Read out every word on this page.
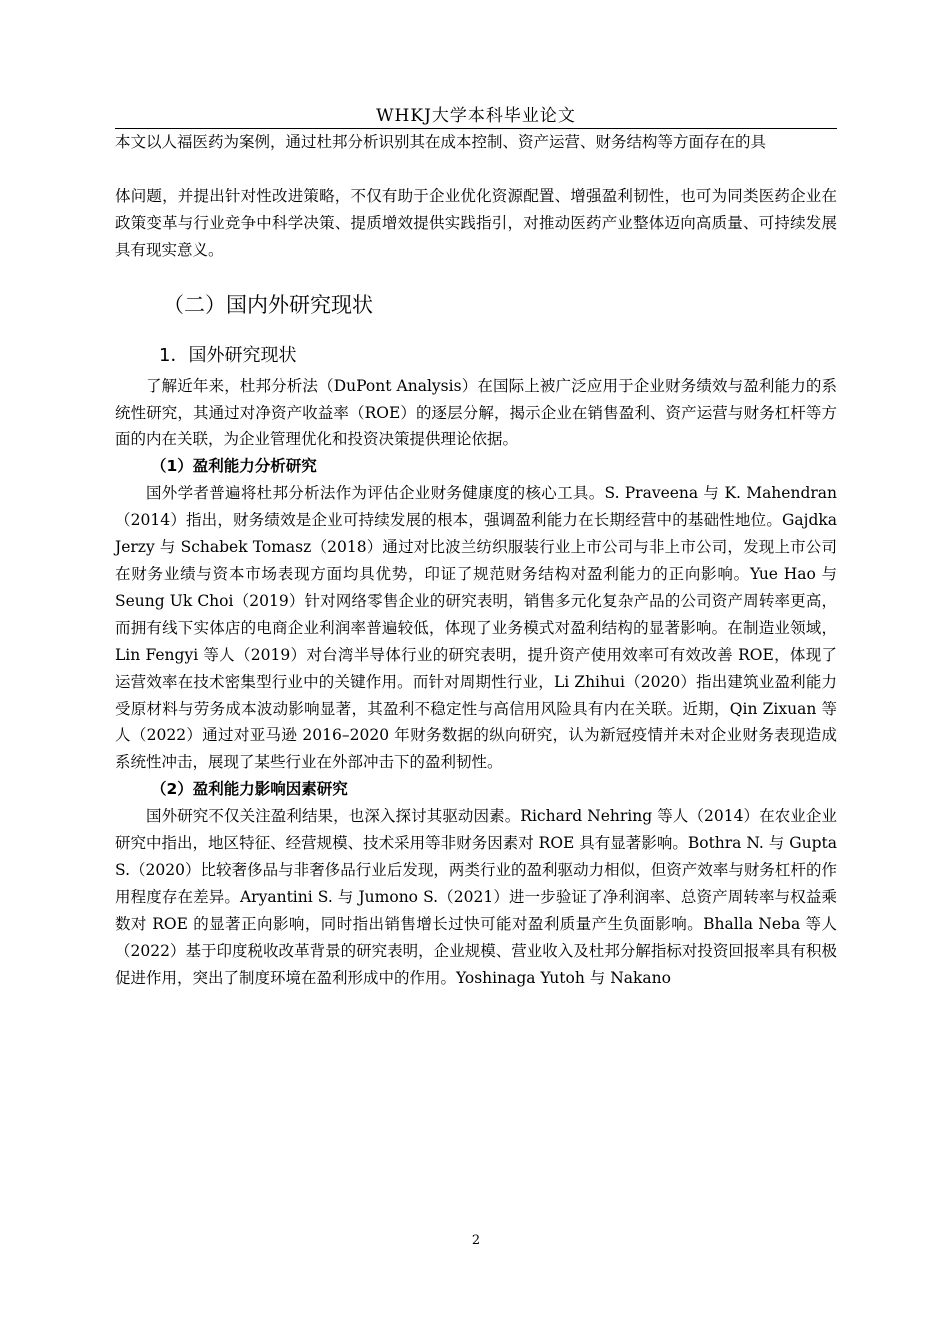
WHKJ大学本科毕业论文

本文以人福医药为案例，通过杜邦分析识别其在成本控制、资产运营、财务结构等方面存在的具

体问题，并提出针对性改进策略，不仅有助于企业优化资源配置、增强盈利韧性，也可为同类医药企业在政策变革与行业竞争中科学决策、提质增效提供实践指引，对推动医药产业整体迈向高质量、可持续发展具有现实意义。

（二）国内外研究现状
1．国外研究现状

了解近年来，杜邦分析法（DuPont Analysis）在国际上被广泛应用于企业财务绩效与盈利能力的系统性研究，其通过对净资产收益率（ROE）的逐层分解，揭示企业在销售盈利、资产运营与财务杠杆等方面的内在关联，为企业管理优化和投资决策提供理论依据。

（1）盈利能力分析研究

国外学者普遍将杜邦分析法作为评估企业财务健康度的核心工具。S. Praveena 与 K. Mahendran（2014）指出，财务绩效是企业可持续发展的根本，强调盈利能力在长期经营中的基础性地位。Gajdka Jerzy 与 Schabek Tomasz（2018）通过对比波兰纺织服装行业上市公司与非上市公司，发现上市公司在财务业绩与资本市场表现方面均具优势，印证了规范财务结构对盈利能力的正向影响。Yue Hao 与 Seung Uk Choi（2019）针对网络零售企业的研究表明，销售多元化复杂产品的公司资产周转率更高，而拥有线下实体店的电商企业利润率普遍较低，体现了业务模式对盈利结构的显著影响。在制造业领域，Lin Fengyi 等人（2019）对台湾半导体行业的研究表明，提升资产使用效率可有效改善 ROE，体现了运营效率在技术密集型行业中的关键作用。而针对周期性行业，Li Zhihui（2020）指出建筑业盈利能力受原材料与劳务成本波动影响显著，其盈利不稳定性与高信用风险具有内在关联。近期，Qin Zixuan 等人（2022）通过对亚马逊 2016–2020 年财务数据的纵向研究，认为新冠疫情并未对企业财务表现造成系统性冲击，展现了某些行业在外部冲击下的盈利韧性。

（2）盈利能力影响因素研究

国外研究不仅关注盈利结果，也深入探讨其驱动因素。Richard Nehring 等人（2014）在农业企业研究中指出，地区特征、经营规模、技术采用等非财务因素对 ROE 具有显著影响。Bothra N. 与 Gupta S.（2020）比较奢侈品与非奢侈品行业后发现，两类行业的盈利驱动力相似，但资产效率与财务杠杆的作用程度存在差异。Aryantini S. 与 Jumono S.（2021）进一步验证了净利润率、总资产周转率与权益乘数对 ROE 的显著正向影响，同时指出销售增长过快可能对盈利质量产生负面影响。Bhalla Neba 等人（2022）基于印度税收改革背景的研究表明，企业规模、营业收入及杜邦分解指标对投资回报率具有积极促进作用，突出了制度环境在盈利形成中的作用。Yoshinaga Yutoh 与 Nakano

2
